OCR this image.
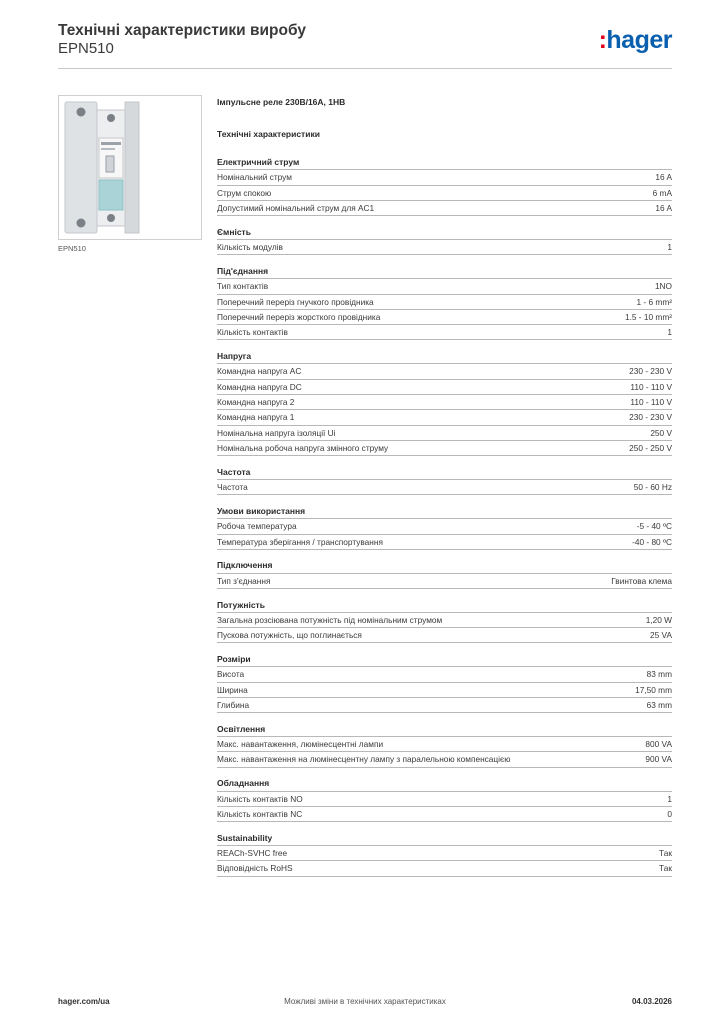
Технічні характеристики виробу
EPN510	:hager
EPN510
Імпульсне реле 230В/16А, 1НВ
Технічні характеристики
Електричний струм
Номінальний струм	16 A
Струм спокою	6 mA
Допустимий номінальний струм для AC1	16 A
Ємність
Кількість модулів	1
Під'єднання
Тип контактів	1NO
Поперечний переріз гнучкого провідника	1 - 6 mm²
Поперечний переріз жорсткого провідника	1.5 - 10 mm²
Кількість контактів	1
Напруга
Командна напруга AC	230 - 230 V
Командна напруга DC	110 - 110 V
Командна напруга 2	110 - 110 V
Командна напруга 1	230 - 230 V
Номінальна напруга ізоляції Ui	250 V
Номінальна робоча напруга змінного струму	250 - 250 V
Частота
Частота	50 - 60 Hz
Умови використання
Робоча температура	-5 - 40 ºC
Температура зберігання / транспортування	-40 - 80 ºC
Підключення
Тип з'єднання	Гвинтова клема
Потужність
Загальна розсіювана потужність під номінальним струмом	1,20 W
Пускова потужність, що поглинається	25 VA
Розміри
Висота	83 mm
Ширина	17,50 mm
Глибина	63 mm
Освітлення
Макс. навантаження, люмінесцентні лампи	800 VA
Макс. навантаження на люмінесцентну лампу з паралельною компенсацією	900 VA
Обладнання
Кількість контактів NO	1
Кількість контактів NC	0
Sustainability
REACh-SVHC free	Так
Відповідність RoHS	Так
hager.com/ua	Можливі зміни в технічних характеристиках	04.03.2026
